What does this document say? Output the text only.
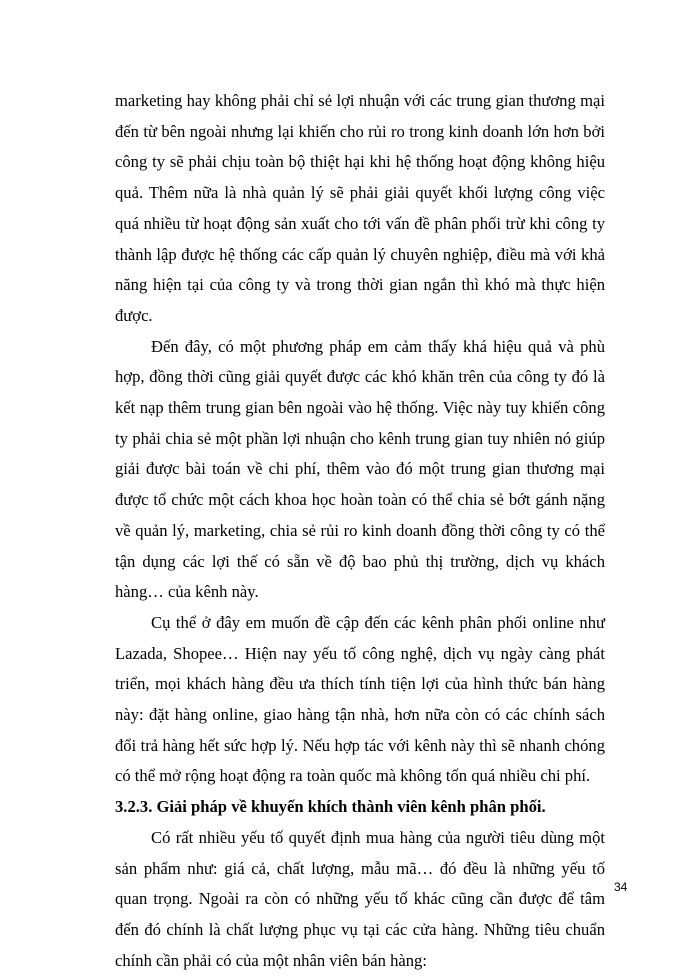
marketing hay không phải chỉ sẻ lợi nhuận với các trung gian thương mại đến từ bên ngoài nhưng lại khiến cho rủi ro trong kinh doanh lớn hơn bởi công ty sẽ phải chịu toàn bộ thiệt hại khi hệ thống hoạt động không hiệu quả. Thêm nữa là nhà quản lý sẽ phải giải quyết khối lượng công việc quá nhiều từ hoạt động sản xuất cho tới vấn đề phân phối trừ khi công ty thành lập được hệ thống các cấp quản lý chuyên nghiệp, điều mà với khả năng hiện tại của công ty và trong thời gian ngắn thì khó mà thực hiện được.

Đến đây, có một phương pháp em cảm thấy khá hiệu quả và phù hợp, đồng thời cũng giải quyết được các khó khăn trên của công ty đó là kết nạp thêm trung gian bên ngoài vào hệ thống. Việc này tuy khiến công ty phải chia sẻ một phần lợi nhuận cho kênh trung gian tuy nhiên nó giúp giải được bài toán về chi phí, thêm vào đó một trung gian thương mại được tổ chức một cách khoa học hoàn toàn có thể chia sẻ bớt gánh nặng về quản lý, marketing, chia sẻ rủi ro kinh doanh đồng thời công ty có thể tận dụng các lợi thế có sẵn về độ bao phủ thị trường, dịch vụ khách hàng… của kênh này.

Cụ thể ở đây em muốn đề cập đến các kênh phân phối online như Lazada, Shopee… Hiện nay yếu tố công nghệ, dịch vụ ngày càng phát triển, mọi khách hàng đều ưa thích tính tiện lợi của hình thức bán hàng này: đặt hàng online, giao hàng tận nhà, hơn nữa còn có các chính sách đổi trả hàng hết sức hợp lý. Nếu hợp tác với kênh này thì sẽ nhanh chóng có thể mở rộng hoạt động ra toàn quốc mà không tốn quá nhiều chi phí.

3.2.3. Giải pháp về khuyến khích thành viên kênh phân phối.

Có rất nhiều yếu tố quyết định mua hàng của người tiêu dùng một sản phẩm như: giá cả, chất lượng, mẫu mã… đó đều là những yếu tố quan trọng. Ngoài ra còn có những yếu tố khác cũng cần được để tâm đến đó chính là chất lượng phục vụ tại các cửa hàng. Những tiêu chuẩn chính cần phải có của một nhân viên bán hàng:

34
